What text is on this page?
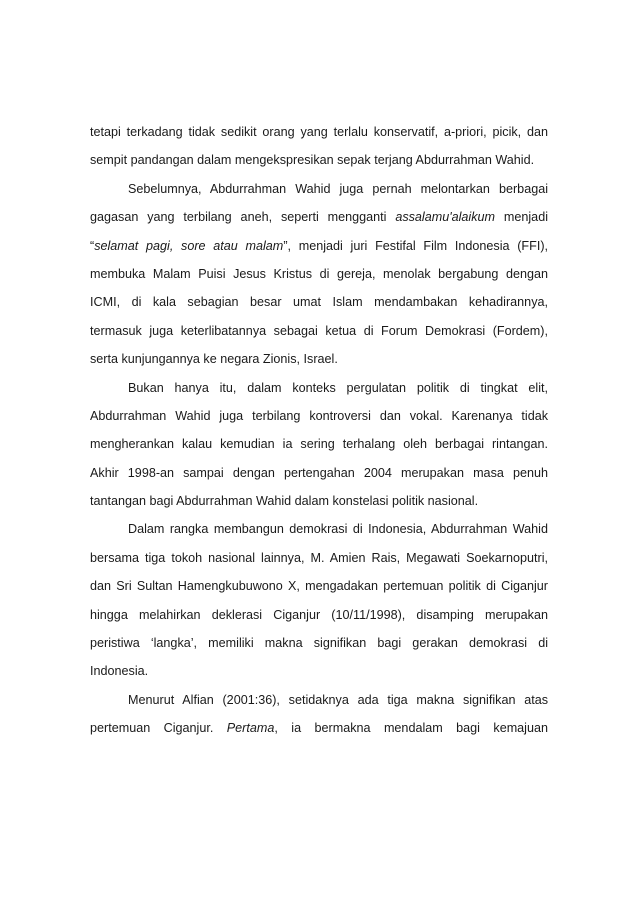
tetapi terkadang tidak sedikit orang yang terlalu konservatif, a-priori, picik, dan
sempit pandangan dalam mengekspresikan sepak terjang Abdurrahman Wahid.
Sebelumnya, Abdurrahman Wahid juga pernah melontarkan berbagai
gagasan yang terbilang aneh, seperti mengganti assalamu'alaikum menjadi
“selamat pagi, sore atau malam”, menjadi juri Festifal Film Indonesia (FFI),
membuka Malam Puisi Jesus Kristus di gereja, menolak bergabung dengan
ICMI, di kala sebagian besar umat Islam mendambakan kehadirannya,
termasuk juga keterlibatannya sebagai ketua di Forum Demokrasi (Fordem),
serta kunjungannya ke negara Zionis, Israel.
Bukan hanya itu, dalam konteks pergulatan politik di tingkat elit,
Abdurrahman Wahid juga terbilang kontroversi dan vokal. Karenanya tidak
mengherankan kalau kemudian ia sering terhalang oleh berbagai rintangan.
Akhir 1998-an sampai dengan pertengahan 2004 merupakan masa penuh
tantangan bagi Abdurrahman Wahid dalam konstelasi politik nasional.
Dalam rangka membangun demokrasi di Indonesia, Abdurrahman Wahid
bersama tiga tokoh nasional lainnya, M. Amien Rais, Megawati Soekarnoputri,
dan Sri Sultan Hamengkubuwono X, mengadakan pertemuan politik di Ciganjur
hingga melahirkan deklerasi Ciganjur (10/11/1998), disamping merupakan
peristiwa ‘langka’, memiliki makna signifikan bagi gerakan demokrasi di
Indonesia.
Menurut Alfian (2001:36), setidaknya ada tiga makna signifikan atas
pertemuan Ciganjur. Pertama, ia bermakna mendalam bagi kemajuan
